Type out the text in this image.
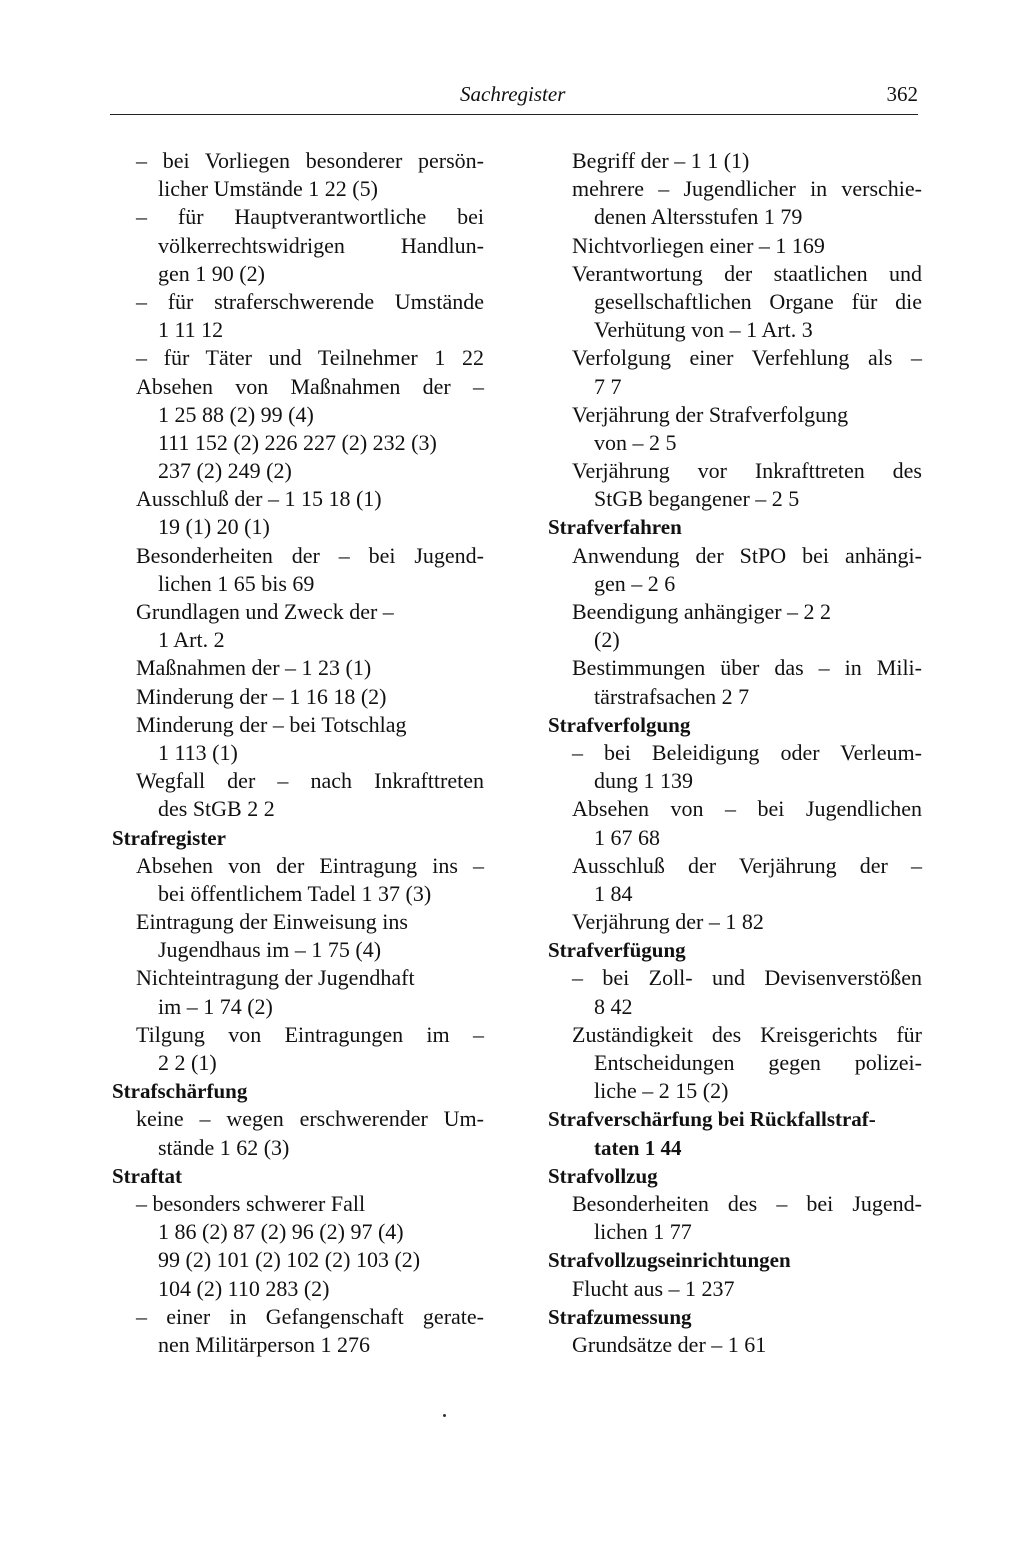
Sachregister	362
– bei Vorliegen besonderer persön-
licher Umstände 1 22 (5)
– für Hauptverantwortliche bei
völkerrechtswidrigen Handlun-
gen 1 90 (2)
– für straferschwerende Umstände
1 11 12
– für Täter und Teilnehmer 1 22
Absehen von Maßnahmen der –
1 25 88 (2) 99 (4)
111 152 (2) 226 227 (2) 232 (3)
237 (2) 249 (2)
Ausschluß der – 1 15 18 (1)
19 (1) 20 (1)
Besonderheiten der – bei Jugend-
lichen 1 65 bis 69
Grundlagen und Zweck der –
1 Art. 2
Maßnahmen der – 1 23 (1)
Minderung der – 1 16 18 (2)
Minderung der – bei Totschlag
1 113 (1)
Wegfall der – nach Inkrafttreten
des StGB 2 2
Strafregister
Absehen von der Eintragung ins –
bei öffentlichem Tadel 1 37 (3)
Eintragung der Einweisung ins
Jugendhaus im – 1 75 (4)
Nichteintragung der Jugendhaft
im – 1 74 (2)
Tilgung von Eintragungen im –
2 2 (1)
Strafschärfung
keine – wegen erschwerender Um-
stände 1 62 (3)
Straftat
– besonders schwerer Fall
1 86 (2) 87 (2) 96 (2) 97 (4)
99 (2) 101 (2) 102 (2) 103 (2)
104 (2) 110 283 (2)
– einer in Gefangenschaft gerate-
nen Militärperson 1 276
Begriff der – 1 1 (1)
mehrere – Jugendlicher in verschie-
denen Altersstufen 1 79
Nichtvorliegen einer – 1 169
Verantwortung der staatlichen und
gesellschaftlichen Organe für die
Verhütung von – 1 Art. 3
Verfolgung einer Verfehlung als –
7 7
Verjährung der Strafverfolgung
von – 2 5
Verjährung vor Inkrafttreten des
StGB begangener – 2 5
Strafverfahren
Anwendung der StPO bei anhängi-
gen – 2 6
Beendigung anhängiger – 2 2
(2)
Bestimmungen über das – in Mili-
tärstrafsachen 2 7
Strafverfolgung
– bei Beleidigung oder Verleum-
dung 1 139
Absehen von – bei Jugendlichen
1 67 68
Ausschluß der Verjährung der –
1 84
Verjährung der – 1 82
Strafverfügung
– bei Zoll- und Devisenverstößen
8 42
Zuständigkeit des Kreisgerichts für
Entscheidungen gegen polizei-
liche – 2 15 (2)
Strafverschärfung bei Rückfallstraf-
taten 1 44
Strafvollzug
Besonderheiten des – bei Jugend-
lichen 1 77
Strafvollzugseinrichtungen
Flucht aus – 1 237
Strafzumessung
Grundsätze der – 1 61
